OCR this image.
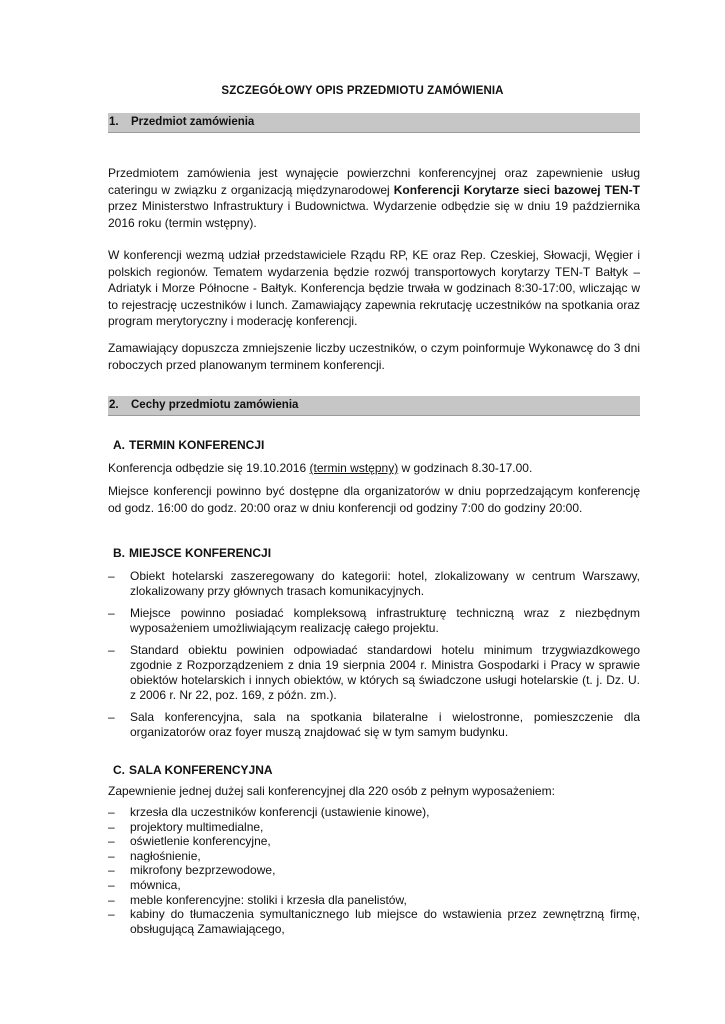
SZCZEGÓŁOWY OPIS PRZEDMIOTU ZAMÓWIENIA
1. Przedmiot zamówienia
Przedmiotem zamówienia jest wynajęcie powierzchni konferencyjnej oraz zapewnienie usług cateringu w związku z organizacją międzynarodowej Konferencji Korytarze sieci bazowej TEN-T przez Ministerstwo Infrastruktury i Budownictwa. Wydarzenie odbędzie się w dniu 19 października 2016 roku (termin wstępny).
W konferencji wezmą udział przedstawiciele Rządu RP, KE oraz Rep. Czeskiej, Słowacji, Węgier i polskich regionów. Tematem wydarzenia będzie rozwój transportowych korytarzy TEN-T Bałtyk – Adriatyk i Morze Północne - Bałtyk. Konferencja będzie trwała w godzinach 8:30-17:00, wliczając w to rejestrację uczestników i lunch. Zamawiający zapewnia rekrutację uczestników na spotkania oraz program merytoryczny i moderację konferencji.
Zamawiający dopuszcza zmniejszenie liczby uczestników, o czym poinformuje Wykonawcę do 3 dni roboczych przed planowanym terminem konferencji.
2. Cechy przedmiotu zamówienia
A. TERMIN KONFERENCJI
Konferencja odbędzie się 19.10.2016 (termin wstępny) w godzinach 8.30-17.00.
Miejsce konferencji powinno być dostępne dla organizatorów w dniu poprzedzającym konferencję od godz. 16:00 do godz. 20:00 oraz w dniu konferencji od godziny 7:00 do godziny 20:00.
B. MIEJSCE KONFERENCJI
– Obiekt hotelarski zaszeregowany do kategorii: hotel, zlokalizowany w centrum Warszawy, zlokalizowany przy głównych trasach komunikacyjnych.
– Miejsce powinno posiadać kompleksową infrastrukturę techniczną wraz z niezbędnym wyposażeniem umożliwiającym realizację całego projektu.
– Standard obiektu powinien odpowiadać standardowi hotelu minimum trzygwiazdkowego zgodnie z Rozporządzeniem z dnia 19 sierpnia 2004 r. Ministra Gospodarki i Pracy w sprawie obiektów hotelarskich i innych obiektów, w których są świadczone usługi hotelarskie (t. j. Dz. U. z 2006 r. Nr 22, poz. 169, z późn. zm.).
– Sala konferencyjna, sala na spotkania bilateralne i wielostronne, pomieszczenie dla organizatorów oraz foyer muszą znajdować się w tym samym budynku.
C. SALA KONFERENCYJNA
Zapewnienie jednej dużej sali konferencyjnej dla 220 osób z pełnym wyposażeniem:
– krzesła dla uczestników konferencji (ustawienie kinowe),
– projektory multimedialne,
– oświetlenie konferencyjne,
– nagłośnienie,
– mikrofony bezprzewodowe,
– mównica,
– meble konferencyjne: stoliki i krzesła dla panelistów,
– kabiny do tłumaczenia symultanicznego lub miejsce do wstawienia przez zewnętrzną firmę, obsługującą Zamawiającego,
